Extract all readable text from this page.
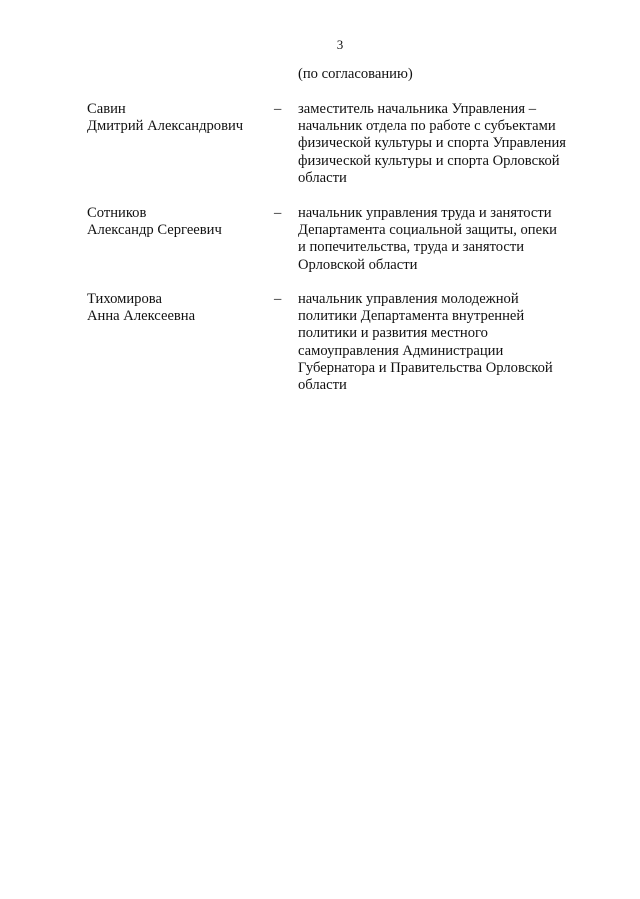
3
(по согласованию)
Савин
Дмитрий Александрович
– заместитель начальника Управления –
начальник отдела по работе с субъектами
физической культуры и спорта Управления
физической культуры и спорта Орловской
области
Сотников
Александр Сергеевич
– начальник управления труда и занятости
Департамента социальной защиты, опеки
и попечительства, труда и занятости
Орловской области
Тихомирова
Анна Алексеевна
– начальник управления молодежной
политики Департамента внутренней
политики и развития местного
самоуправления Администрации
Губернатора и Правительства Орловской
области
